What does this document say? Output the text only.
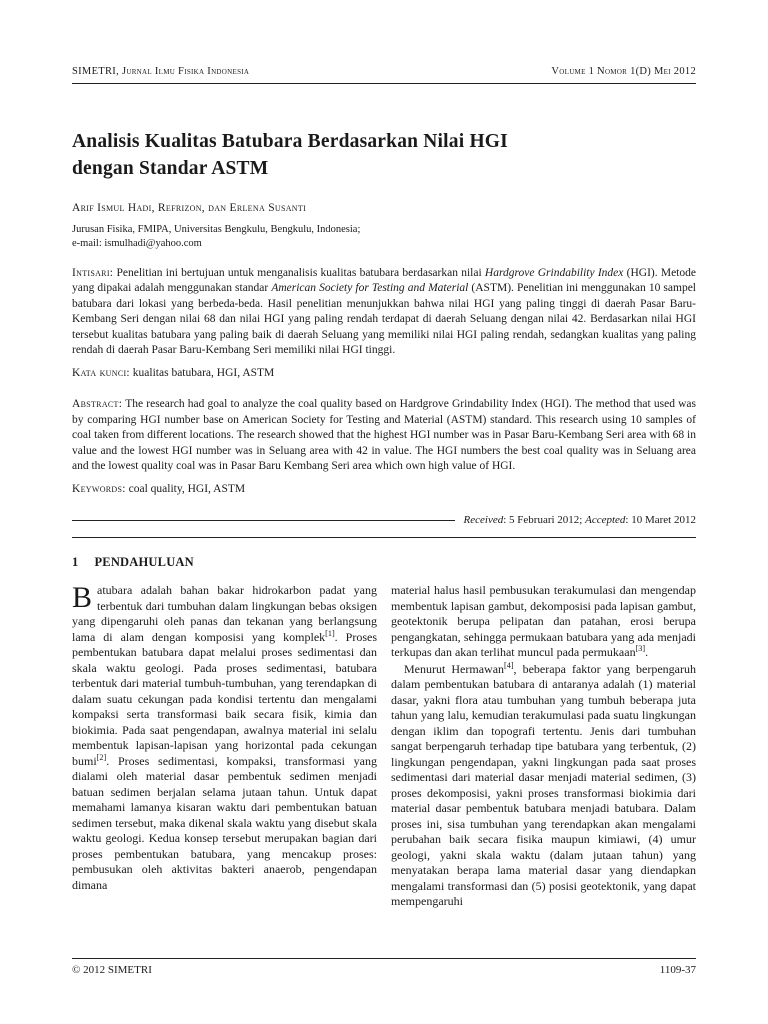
SIMETRI, Jurnal Ilmu Fisika Indonesia	Volume 1 Nomor 1(D) Mei 2012
Analisis Kualitas Batubara Berdasarkan Nilai HGI
dengan Standar ASTM
Arif Ismul Hadi, Refrizon, dan Erlena Susanti
Jurusan Fisika, FMIPA, Universitas Bengkulu, Bengkulu, Indonesia;
e-mail: ismulhadi@yahoo.com
Intisari: Penelitian ini bertujuan untuk menganalisis kualitas batubara berdasarkan nilai Hardgrove Grindability Index (HGI). Metode yang dipakai adalah menggunakan standar American Society for Testing and Material (ASTM). Penelitian ini menggunakan 10 sampel batubara dari lokasi yang berbeda-beda. Hasil penelitian menunjukkan bahwa nilai HGI yang paling tinggi di daerah Pasar Baru-Kembang Seri dengan nilai 68 dan nilai HGI yang paling rendah terdapat di daerah Seluang dengan nilai 42. Berdasarkan nilai HGI tersebut kualitas batubara yang paling baik di daerah Seluang yang memiliki nilai HGI paling rendah, sedangkan kualitas yang paling rendah di daerah Pasar Baru-Kembang Seri memiliki nilai HGI tinggi.
Kata kunci: kualitas batubara, HGI, ASTM
Abstract: The research had goal to analyze the coal quality based on Hardgrove Grindability Index (HGI). The method that used was by comparing HGI number base on American Society for Testing and Material (ASTM) standard. This research using 10 samples of coal taken from different locations. The research showed that the highest HGI number was in Pasar Baru-Kembang Seri area with 68 in value and the lowest HGI number was in Seluang area with 42 in value. The HGI numbers the best coal quality was in Seluang area and the lowest quality coal was in Pasar Baru Kembang Seri area which own high value of HGI.
Keywords: coal quality, HGI, ASTM
Received: 5 Februari 2012; Accepted: 10 Maret 2012
1 PENDAHULUAN

Batubara adalah bahan bakar hidrokarbon padat yang terbentuk dari tumbuhan dalam lingkungan bebas oksigen yang dipengaruhi oleh panas dan tekanan yang berlangsung lama di alam dengan komposisi yang komplek[1]. Proses pembentukan batubara dapat melalui proses sedimentasi dan skala waktu geologi. Pada proses sedimentasi, batubara terbentuk dari material tumbuh-tumbuhan, yang terendapkan di dalam suatu cekungan pada kondisi tertentu dan mengalami kompaksi serta transformasi baik secara fisik, kimia dan biokimia. Pada saat pengendapan, awalnya material ini selalu membentuk lapisan-lapisan yang horizontal pada cekungan bumi[2]. Proses sedimentasi, kompaksi, transformasi yang dialami oleh material dasar pembentuk sedimen menjadi batuan sedimen berjalan selama jutaan tahun. Untuk dapat memahami lamanya kisaran waktu dari pembentukan batuan sedimen tersebut, maka dikenal skala waktu yang disebut skala waktu geologi. Kedua konsep tersebut merupakan bagian dari proses pembentukan batubara, yang mencakup proses: pembusukan oleh aktivitas bakteri anaerob, pengendapan dimana

material halus hasil pembusukan terakumulasi dan mengendap membentuk lapisan gambut, dekomposisi pada lapisan gambut, geotektonik berupa pelipatan dan patahan, erosi berupa pengangkatan, sehingga permukaan batubara yang ada menjadi terkupas dan akan terlihat muncul pada permukaan[3].

Menurut Hermawan[4], beberapa faktor yang berpengaruh dalam pembentukan batubara di antaranya adalah (1) material dasar, yakni flora atau tumbuhan yang tumbuh beberapa juta tahun yang lalu, kemudian terakumulasi pada suatu lingkungan dengan iklim dan topografi tertentu. Jenis dari tumbuhan sangat berpengaruh terhadap tipe batubara yang terbentuk, (2) lingkungan pengendapan, yakni lingkungan pada saat proses sedimentasi dari material dasar menjadi material sedimen, (3) proses dekomposisi, yakni proses transformasi biokimia dari material dasar pembentuk batubara menjadi batubara. Dalam proses ini, sisa tumbuhan yang terendapkan akan mengalami perubahan baik secara fisika maupun kimiawi, (4) umur geologi, yakni skala waktu (dalam jutaan tahun) yang menyatakan berapa lama material dasar yang diendapkan mengalami transformasi dan (5) posisi geotektonik, yang dapat mempengaruhi

© 2012 SIMETRI	1109-37
